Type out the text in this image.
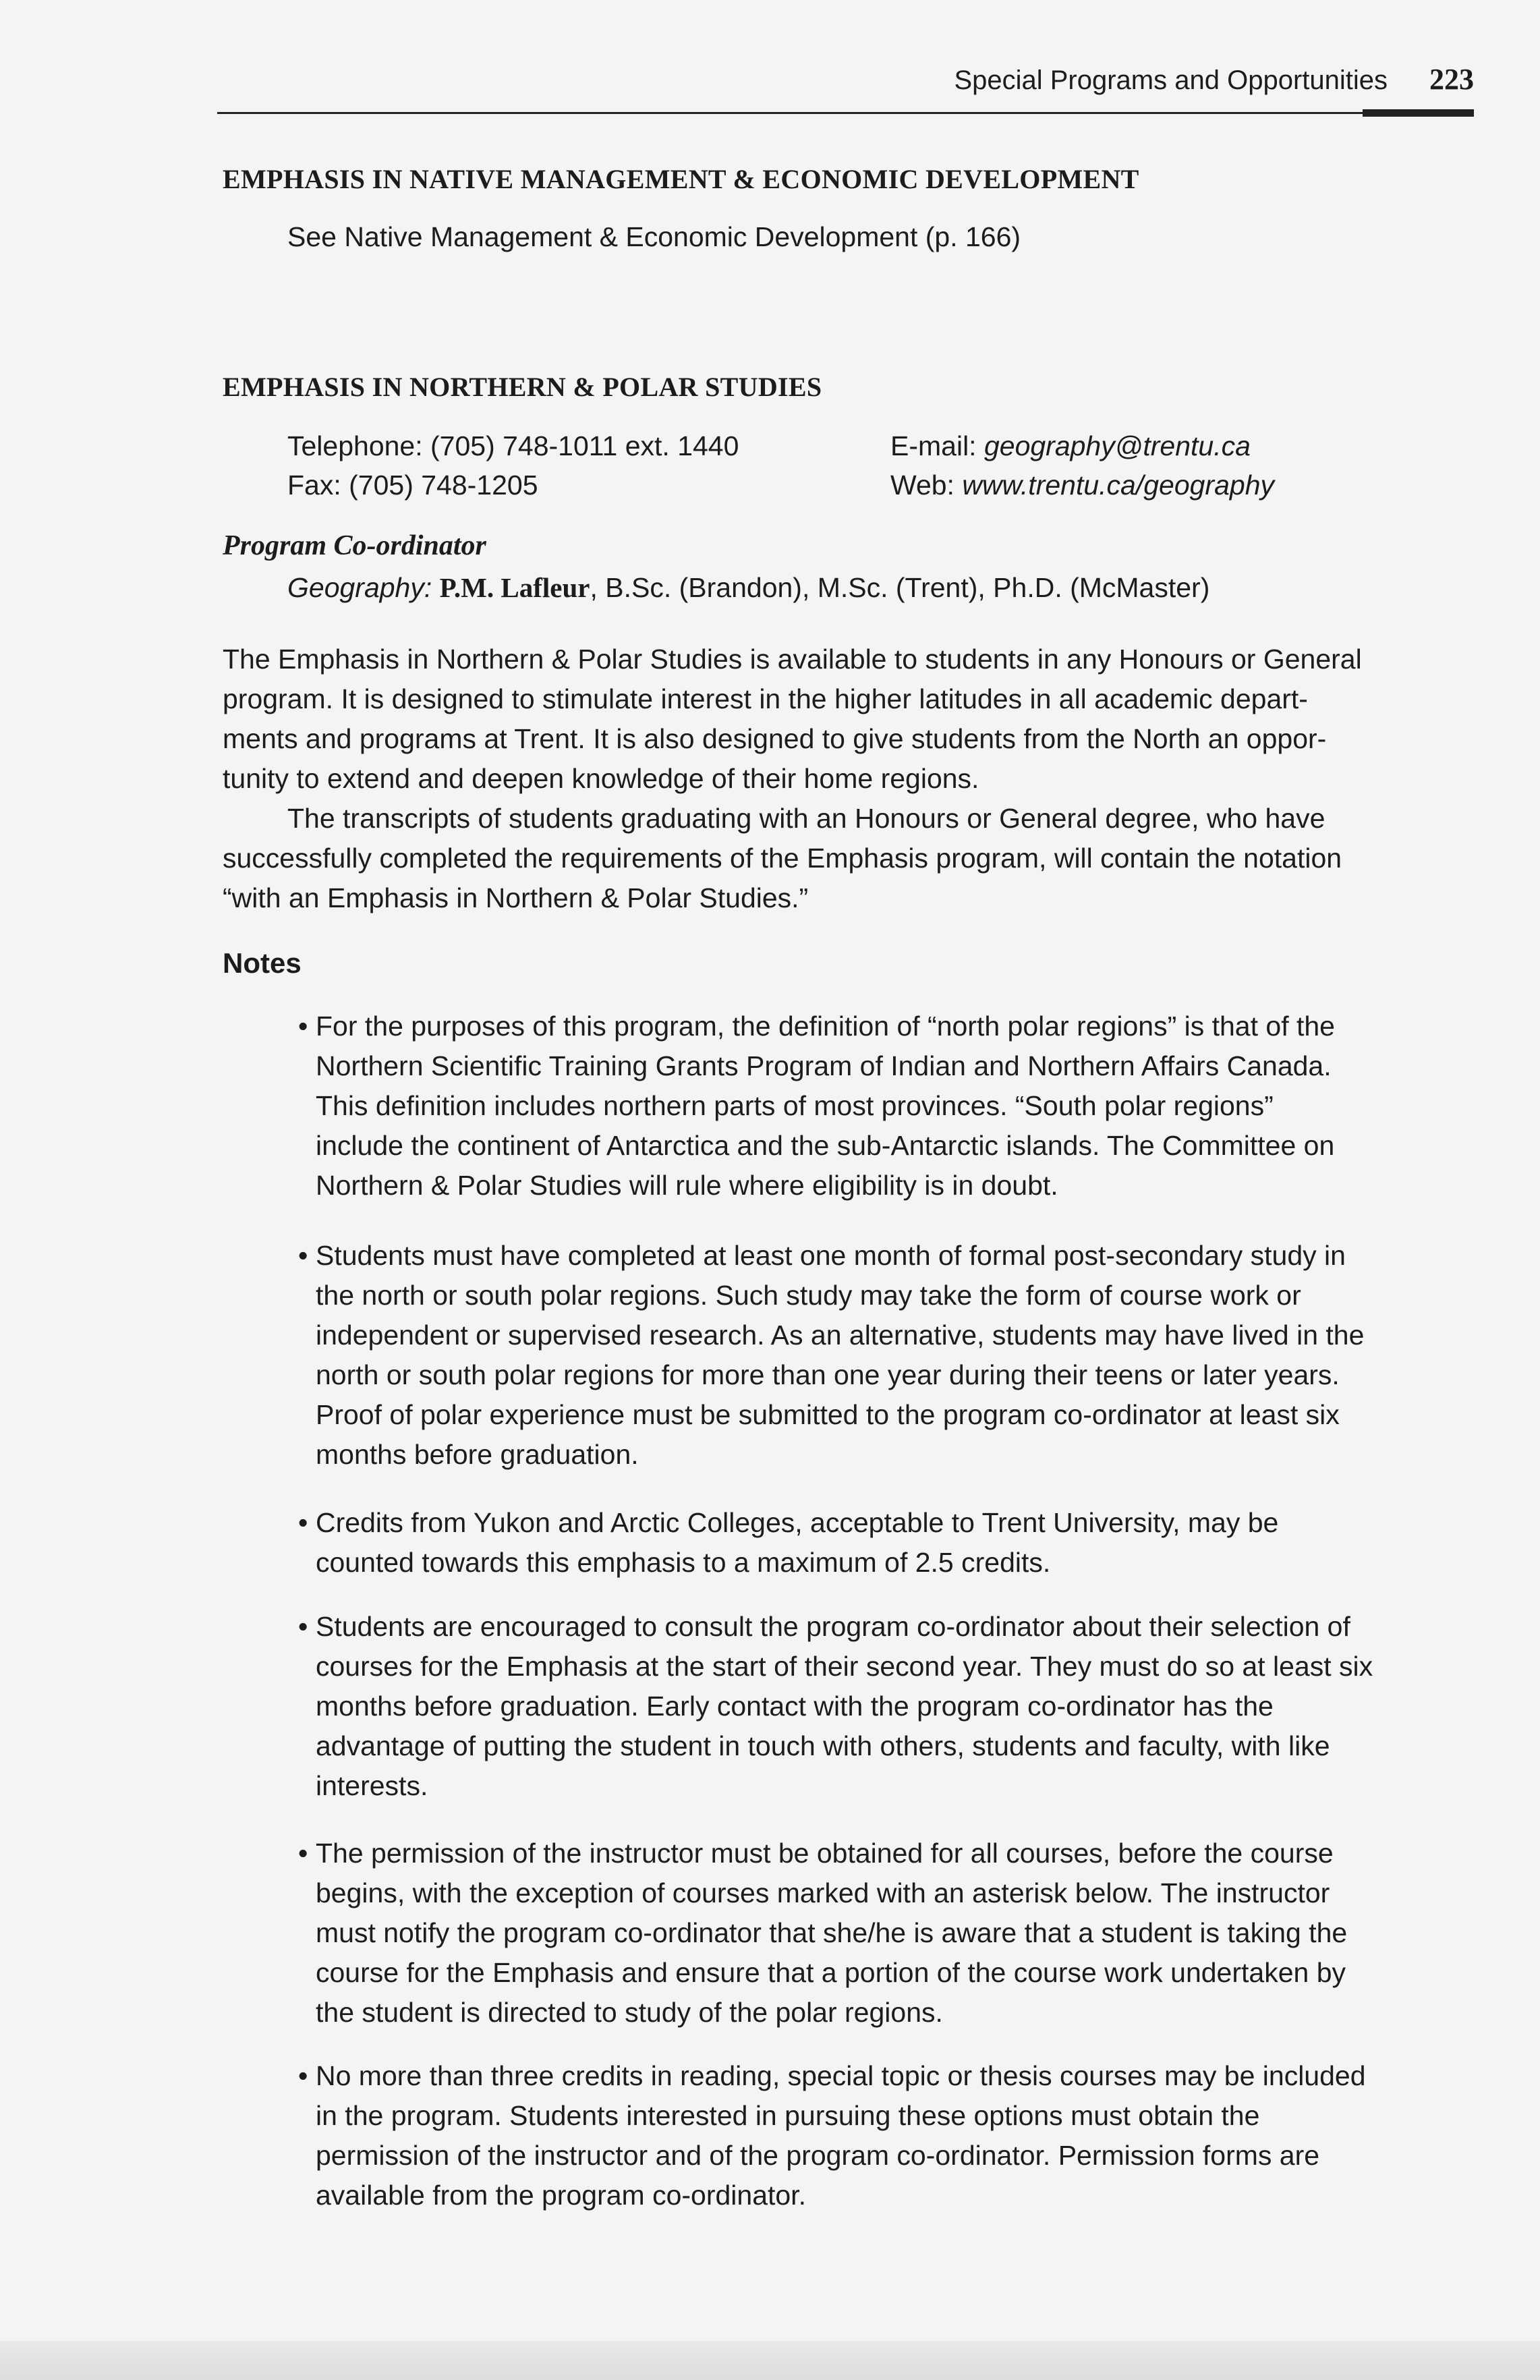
Special Programs and Opportunities 223
EMPHASIS IN NATIVE MANAGEMENT & ECONOMIC DEVELOPMENT
See Native Management & Economic Development (p. 166)
EMPHASIS IN NORTHERN & POLAR STUDIES
Telephone: (705) 748-1011 ext. 1440
Fax: (705) 748-1205
E-mail: geography@trentu.ca
Web: www.trentu.ca/geography
Program Co-ordinator
Geography: P.M. Lafleur, B.Sc. (Brandon), M.Sc. (Trent), Ph.D. (McMaster)
The Emphasis in Northern & Polar Studies is available to students in any Honours or General
program. It is designed to stimulate interest in the higher latitudes in all academic depart-
ments and programs at Trent. It is also designed to give students from the North an oppor-
tunity to extend and deepen knowledge of their home regions.
The transcripts of students graduating with an Honours or General degree, who have
successfully completed the requirements of the Emphasis program, will contain the notation
“with an Emphasis in Northern & Polar Studies.”
Notes
• For the purposes of this program, the definition of “north polar regions” is that of the
Northern Scientific Training Grants Program of Indian and Northern Affairs Canada.
This definition includes northern parts of most provinces. “South polar regions”
include the continent of Antarctica and the sub-Antarctic islands. The Committee on
Northern & Polar Studies will rule where eligibility is in doubt.
• Students must have completed at least one month of formal post-secondary study in
the north or south polar regions. Such study may take the form of course work or
independent or supervised research. As an alternative, students may have lived in the
north or south polar regions for more than one year during their teens or later years.
Proof of polar experience must be submitted to the program co-ordinator at least six
months before graduation.
• Credits from Yukon and Arctic Colleges, acceptable to Trent University, may be
counted towards this emphasis to a maximum of 2.5 credits.
• Students are encouraged to consult the program co-ordinator about their selection of
courses for the Emphasis at the start of their second year. They must do so at least six
months before graduation. Early contact with the program co-ordinator has the
advantage of putting the student in touch with others, students and faculty, with like
interests.
• The permission of the instructor must be obtained for all courses, before the course
begins, with the exception of courses marked with an asterisk below. The instructor
must notify the program co-ordinator that she/he is aware that a student is taking the
course for the Emphasis and ensure that a portion of the course work undertaken by
the student is directed to study of the polar regions.
• No more than three credits in reading, special topic or thesis courses may be included
in the program. Students interested in pursuing these options must obtain the
permission of the instructor and of the program co-ordinator. Permission forms are
available from the program co-ordinator.
